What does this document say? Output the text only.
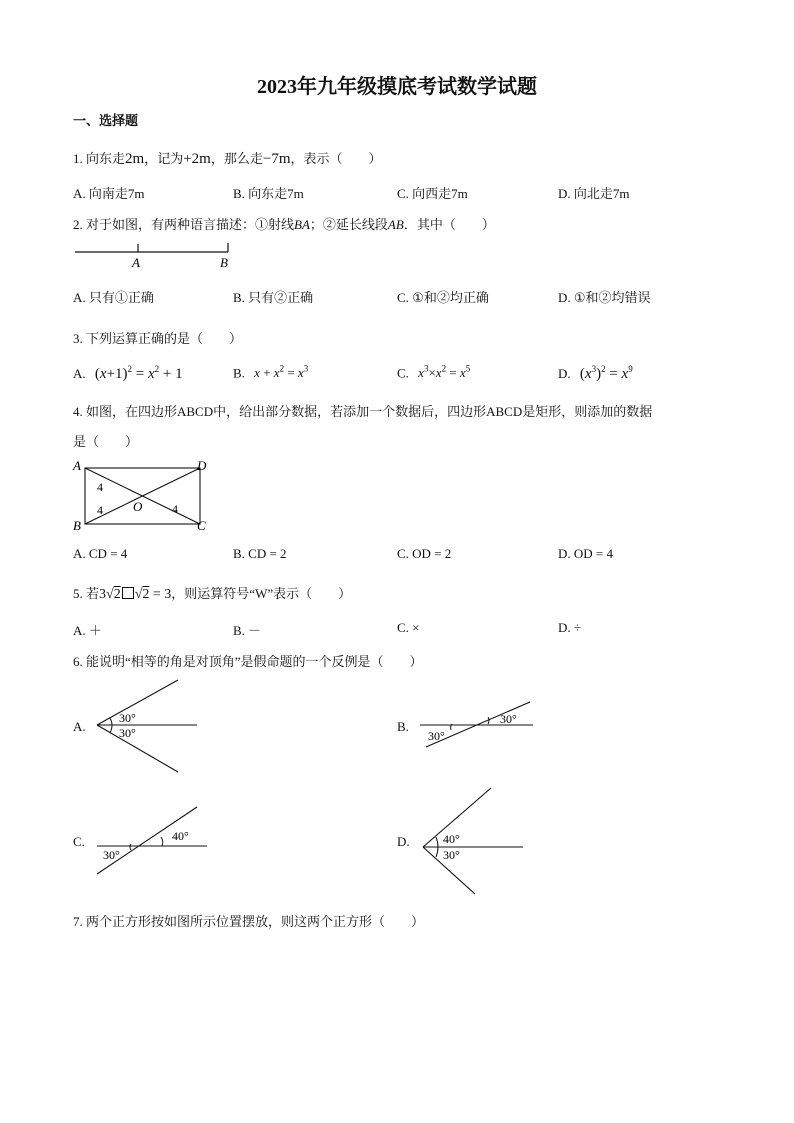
2023年九年级摸底考试数学试题
一、选择题
1. 向东走2m，记为+2m，那么走−7m，表示（　　）
A. 向南走7m	B. 向东走7m	C. 向西走7m	D. 向北走7m
2. 对于如图，有两种语言描述：①射线BA；②延长线段AB．其中（　　）
A	B
A. 只有①正确	B. 只有②正确	C. ①和②均正确	D. ①和②均错误
3. 下列运算正确的是（　　）
A. $(x+1)^2 = x^2 + 1$	B. $x + x^2 = x^3$	C. $x^3\times x^2 = x^5$	D. $(x^3)^2 = x^9$
4. 如图，在四边形ABCD中，给出部分数据，若添加一个数据后，四边形ABCD是矩形，则添加的数据
是（　　）
A	D
B	C
O
4
4	4
A. CD = 4	B. CD = 2	C. OD = 2	D. OD = 4
5. 若3√2 √2 = 3，则运算符号“W”表示（　　）
A. ＋	B. －	C. ×	D. ÷
6. 能说明“相等的角是对顶角”是假命题的一个反例是（　　）
A.
30°
30°	B.	30°
30°
C.	40°
30°
D.	40°
30°
7. 两个正方形按如图所示位置摆放，则这两个正方形（　　）
